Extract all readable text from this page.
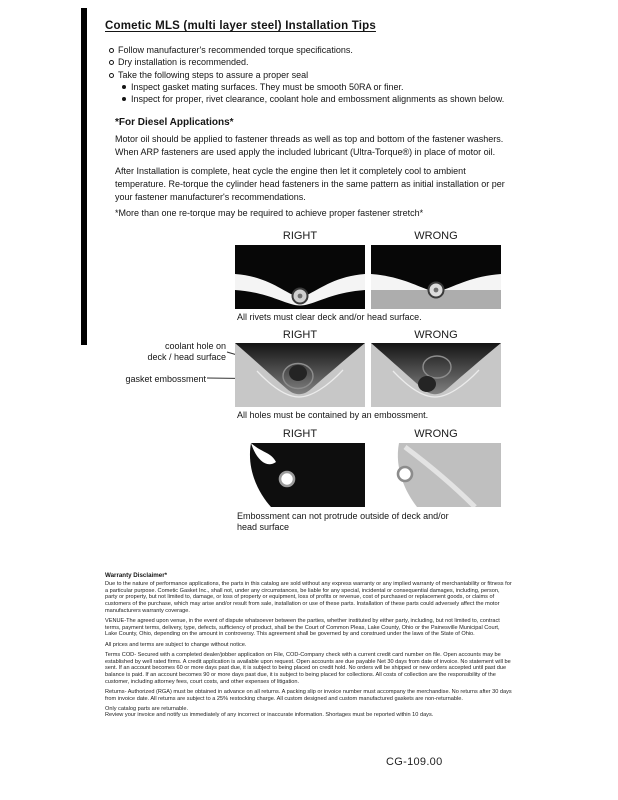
Cometic MLS (multi layer steel) Installation Tips
Follow manufacturer's recommended torque specifications.
Dry installation is recommended.
Take the following steps to assure a proper seal
Inspect gasket mating surfaces. They must be smooth 50RA or finer.
Inspect for proper, rivet clearance, coolant hole and embossment alignments as shown below.
*For Diesel Applications*
Motor oil should be applied to fastener threads as well as top and bottom of the fastener washers. When ARP fasteners are used apply the included lubricant (Ultra-Torque®) in place of motor oil.
After Installation is complete, heat cycle the engine then let it completely cool to ambient temperature. Re-torque the cylinder head fasteners in the same pattern as initial installation or per your fastener manufacturer's recommendations.
*More than one re-torque may be required to achieve proper fastener stretch*
RIGHT	WRONG
All rivets must clear deck and/or head surface.
RIGHT	WRONG
coolant hole on
deck / head surface
gasket embossment
All holes must be contained by an embossment.
RIGHT	WRONG
Embossment can not protrude outside of deck and/or head surface
Warranty Disclaimer*

Due to the nature of performance applications, the parts in this catalog are sold without any express warranty or any implied warranty of merchantability or fitness for a particular purpose. Cometic Gasket Inc., shall not, under any circumstances, be liable for any special, incidental or consequential damages, including, person, party or property, but not limited to, damage, or loss of property or equipment, loss of profits or revenue, cost of purchased or replacement goods, or claims of customers of the purchase, which may arise and/or result from sale, installation or use of these parts. Installation of these parts could adversely affect the motor manufacturers warranty coverage.

VENUE-The agreed upon venue, in the event of dispute whatsoever between the parties, whether instituted by either party, including, but not limited to, contract terms, payment terms, delivery, type, defects, sufficiency of product, shall be the Court of Common Pleas, Lake County, Ohio or the Painesville Municipal Court, Lake County, Ohio, depending on the amount in controversy. This agreement shall be governed by and construed under the laws of the State of Ohio.

All prices and terms are subject to change without notice.

Terms COD- Secured with a completed dealer/jobber application on File, COD-Company check with a current credit card number on file. Open accounts may be established by well rated firms. A credit application is available upon request. Open accounts are due payable Net 30 days from date of invoice. No statement will be sent. If an account becomes 60 or more days past due, it is subject to being placed on credit hold. No orders will be shipped or new orders accepted until past due balance is paid. If an account becomes 90 or more days past due, it is subject to being placed for collections. All costs of collection are the responsibility of the customer, including attorney fees, court costs, and other expenses of litigation.

Returns- Authorized (RGA) must be obtained in advance on all returns. A packing slip or invoice number must accompany the merchandise. No returns after 30 days from invoice date. All returns are subject to a 25% restocking charge. All custom designed and custom manufactured gaskets are non-returnable.

Only catalog parts are returnable.

Review your invoice and notify us immediately of any incorrect or inaccurate information. Shortages must be reported within 10 days.

CG-109.00
